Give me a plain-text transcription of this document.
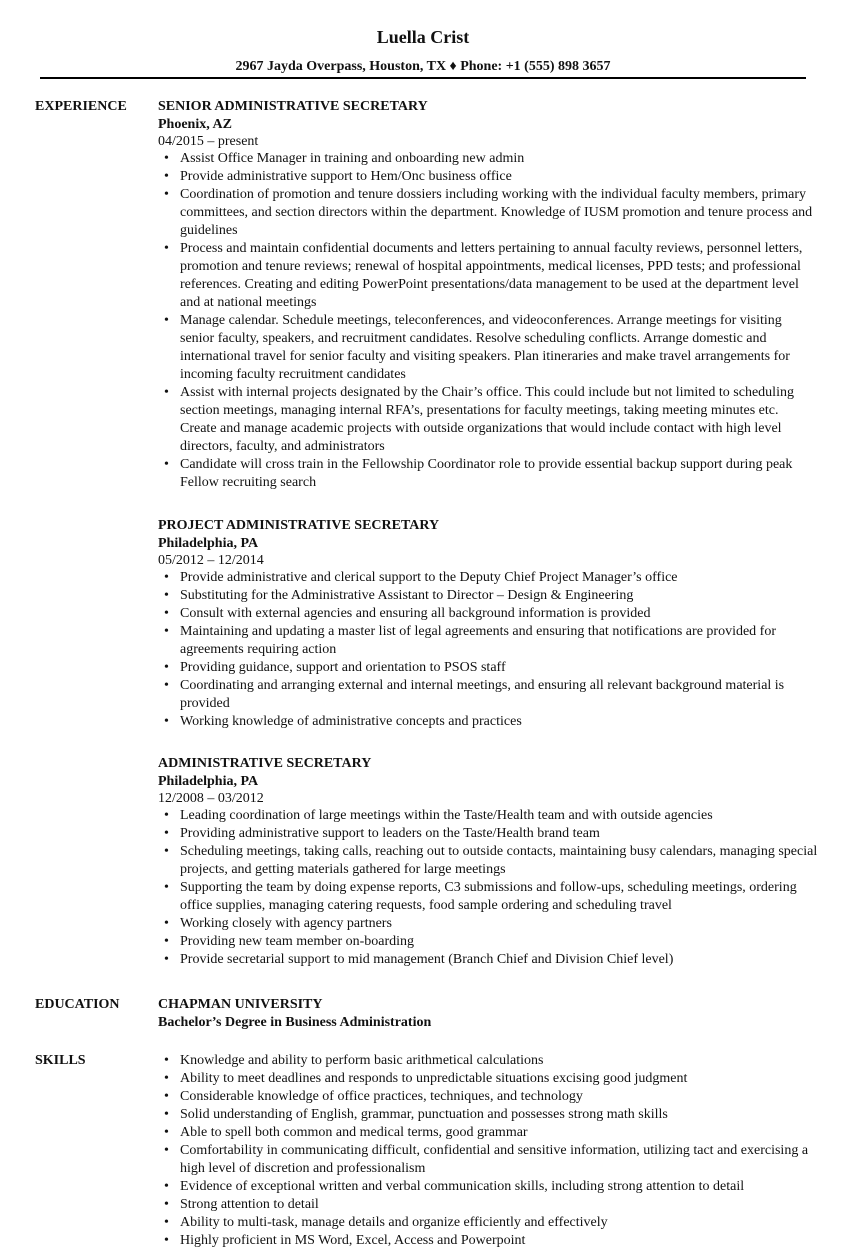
Luella Crist
2967 Jayda Overpass, Houston, TX ♦ Phone: +1 (555) 898 3657
EXPERIENCE SENIOR ADMINISTRATIVE SECRETARY
Phoenix, AZ
04/2015 – present
• Assist Office Manager in training and onboarding new admin
• Provide administrative support to Hem/Onc business office
• Coordination of promotion and tenure dossiers including working with the individual faculty members, primary committees, and section directors within the department. Knowledge of IUSM promotion and tenure process and guidelines
• Process and maintain confidential documents and letters pertaining to annual faculty reviews, personnel letters, promotion and tenure reviews; renewal of hospital appointments, medical licenses, PPD tests; and professional references. Creating and editing PowerPoint presentations/data management to be used at the department level and at national meetings
• Manage calendar. Schedule meetings, teleconferences, and videoconferences. Arrange meetings for visiting senior faculty, speakers, and recruitment candidates. Resolve scheduling conflicts. Arrange domestic and international travel for senior faculty and visiting speakers. Plan itineraries and make travel arrangements for incoming faculty recruitment candidates
• Assist with internal projects designated by the Chair’s office. This could include but not limited to scheduling section meetings, managing internal RFA’s, presentations for faculty meetings, taking meeting minutes etc. Create and manage academic projects with outside organizations that would include contact with high level directors, faculty, and administrators
• Candidate will cross train in the Fellowship Coordinator role to provide essential backup support during peak Fellow recruiting search
PROJECT ADMINISTRATIVE SECRETARY
Philadelphia, PA
05/2012 – 12/2014
• Provide administrative and clerical support to the Deputy Chief Project Manager’s office
• Substituting for the Administrative Assistant to Director – Design & Engineering
• Consult with external agencies and ensuring all background information is provided
• Maintaining and updating a master list of legal agreements and ensuring that notifications are provided for agreements requiring action
• Providing guidance, support and orientation to PSOS staff
• Coordinating and arranging external and internal meetings, and ensuring all relevant background material is provided
• Working knowledge of administrative concepts and practices
ADMINISTRATIVE SECRETARY
Philadelphia, PA
12/2008 – 03/2012
• Leading coordination of large meetings within the Taste/Health team and with outside agencies
• Providing administrative support to leaders on the Taste/Health brand team
• Scheduling meetings, taking calls, reaching out to outside contacts, maintaining busy calendars, managing special projects, and getting materials gathered for large meetings
• Supporting the team by doing expense reports, C3 submissions and follow-ups, scheduling meetings, ordering office supplies, managing catering requests, food sample ordering and scheduling travel
• Working closely with agency partners
• Providing new team member on-boarding
• Provide secretarial support to mid management (Branch Chief and Division Chief level)
EDUCATION	CHAPMAN UNIVERSITY
Bachelor’s Degree in Business Administration
SKILLS
•	Knowledge and ability to perform basic arithmetical calculations
• Ability to meet deadlines and responds to unpredictable situations excising good judgment
• Considerable knowledge of office practices, techniques, and technology
• Solid understanding of English, grammar, punctuation and possesses strong math skills
• Able to spell both common and medical terms, good grammar
• Comfortability in communicating difficult, confidential and sensitive information, utilizing tact and exercising a high level of discretion and professionalism
• Evidence of exceptional written and verbal communication skills, including strong attention to detail
• Strong attention to detail
• Ability to multi-task, manage details and organize efficiently and effectively
• Highly proficient in MS Word, Excel, Access and Powerpoint
